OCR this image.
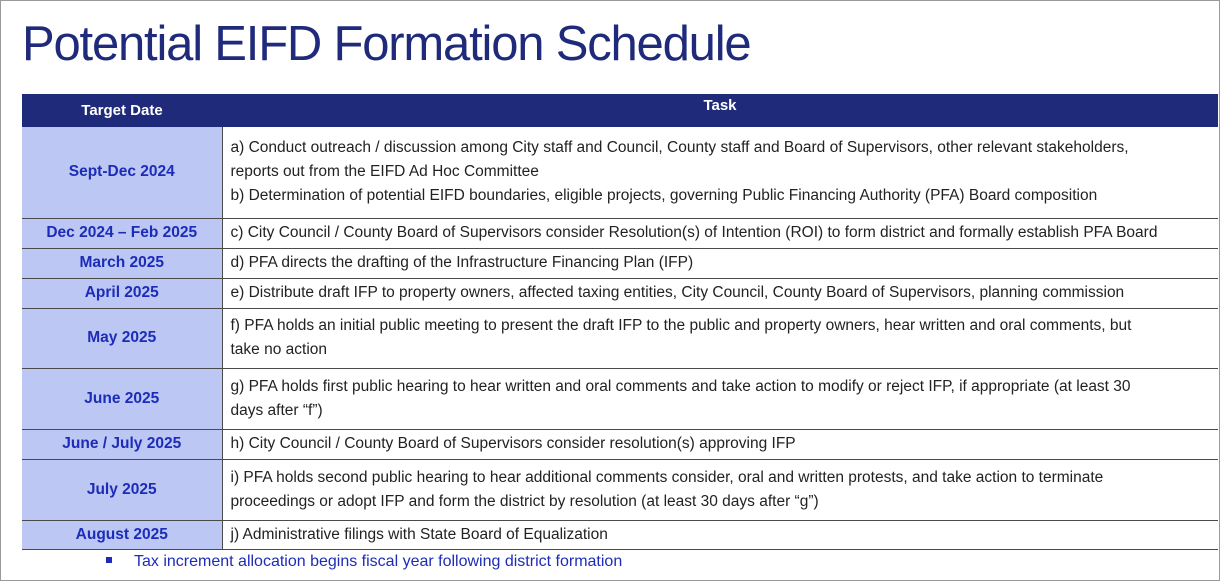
Potential EIFD Formation Schedule
Target Date	Task
Sept-Dec 2024	a) Conduct outreach / discussion among City staff and Council, County staff and Board of Supervisors, other relevant stakeholders,
reports out from the EIFD Ad Hoc Committee
b) Determination of potential EIFD boundaries, eligible projects, governing Public Financing Authority (PFA) Board composition

Dec 2024 – Feb 2025	c) City Council / County Board of Supervisors consider Resolution(s) of Intention (ROI) to form district and formally establish PFA Board

March 2025	d) PFA directs the drafting of the Infrastructure Financing Plan (IFP)

April 2025	e) Distribute draft IFP to property owners, affected taxing entities, City Council, County Board of Supervisors, planning commission

May 2025	f) PFA holds an initial public meeting to present the draft IFP to the public and property owners, hear written and oral comments, but
take no action

June 2025	g) PFA holds first public hearing to hear written and oral comments and take action to modify or reject IFP, if appropriate (at least 30
days after “f”)

June / July 2025	h) City Council / County Board of Supervisors consider resolution(s) approving IFP

July 2025	i) PFA holds second public hearing to hear additional comments consider, oral and written protests, and take action to terminate
proceedings or adopt IFP and form the district by resolution (at least 30 days after “g”)

August 2025	j) Administrative filings with State Board of Equalization
Tax increment allocation begins fiscal year following district formation
